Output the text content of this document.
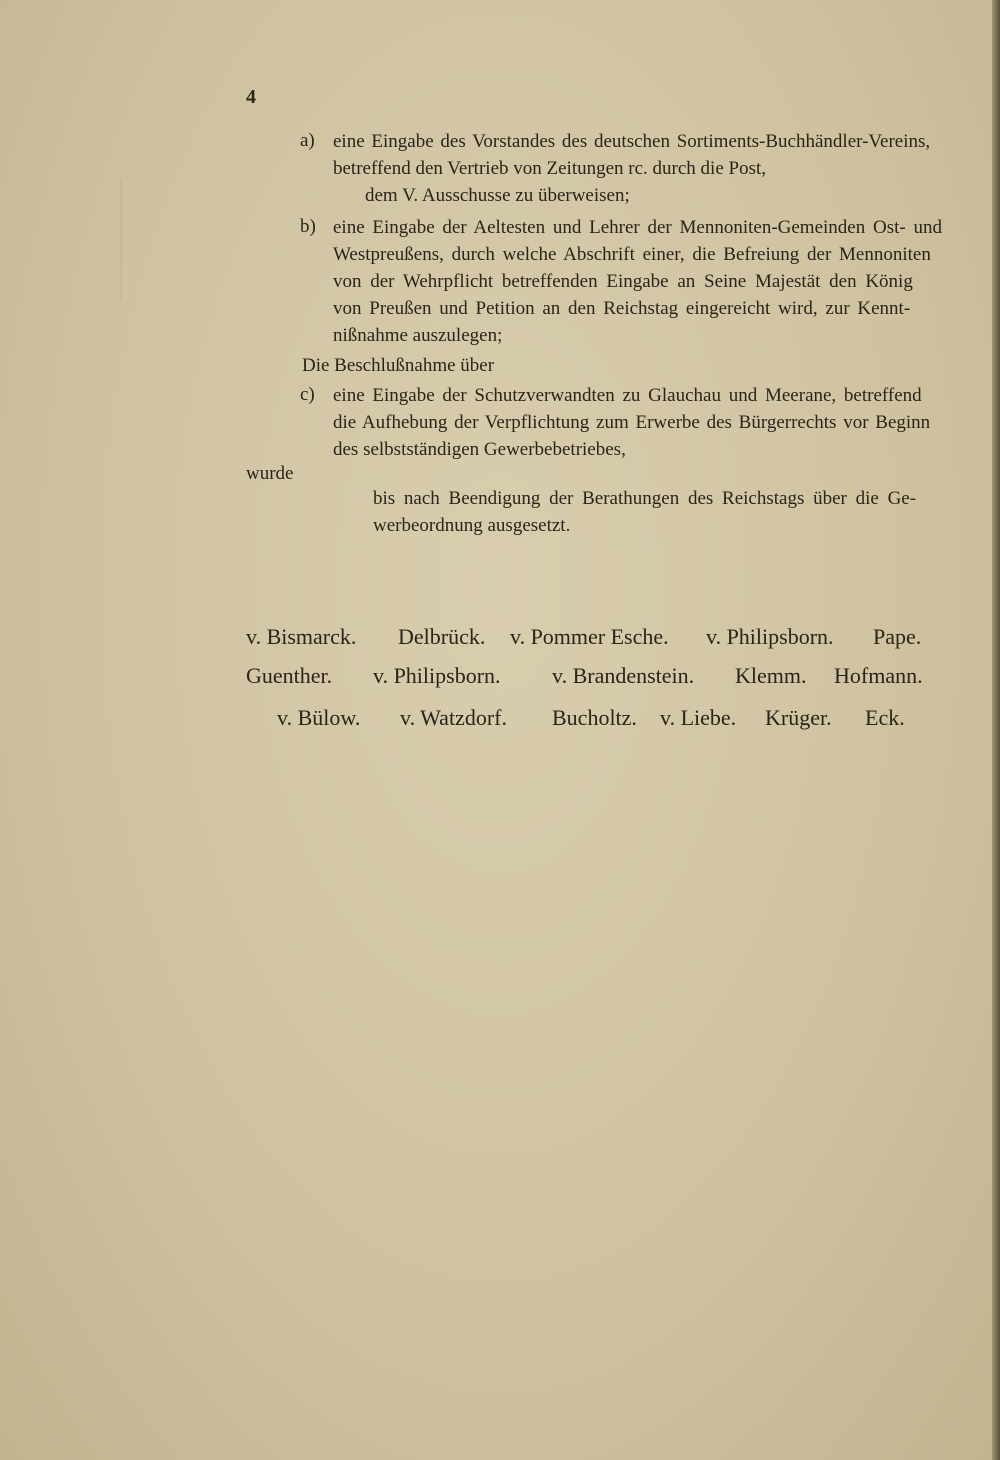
4
a) eine Eingabe des Vorstandes des deutschen Sortiments-Buchhändler-Vereins,
betreffend den Vertrieb von Zeitungen rc. durch die Post,
dem V. Ausschusse zu überweisen;
b) eine Eingabe der Aeltesten und Lehrer der Mennoniten-Gemeinden Ost- und
Westpreußens, durch welche Abschrift einer, die Befreiung der Mennoniten
von der Wehrpflicht betreffenden Eingabe an Seine Majestät den König
von Preußen und Petition an den Reichstag eingereicht wird, zur Kennt-
nißnahme auszulegen;
Die Beschlußnahme über
c) eine Eingabe der Schutzverwandten zu Glauchau und Meerane, betreffend
die Aufhebung der Verpflichtung zum Erwerbe des Bürgerrechts vor Beginn
des selbstständigen Gewerbebetriebes,
wurde
bis nach Beendigung der Berathungen des Reichstags über die Ge-
werbeordnung ausgesetzt.
v. Bismarck. Delbrück. v. Pommer Esche. v. Philipsborn. Pape.
Guenther. v. Philipsborn. v. Brandenstein. Klemm. Hofmann.
v. Bülow. v. Watzdorf. Bucholtz. v. Liebe. Krüger. Eck.
